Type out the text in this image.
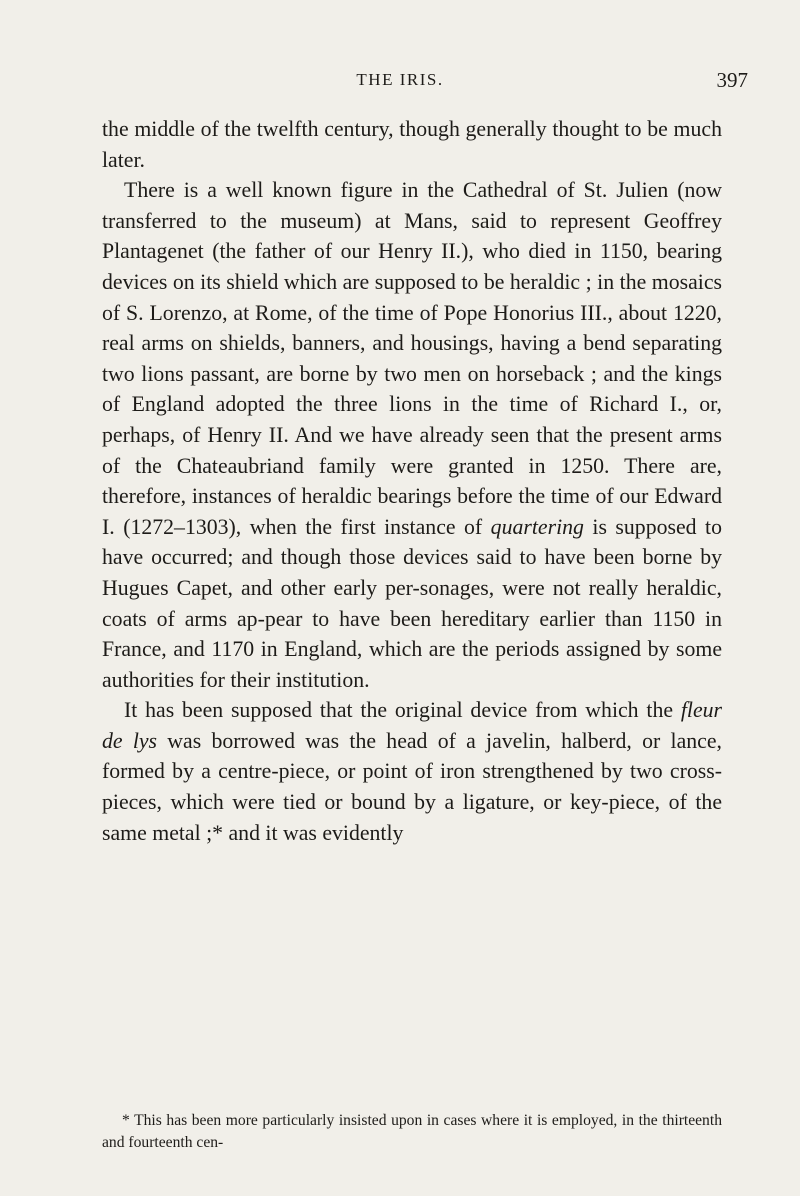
THE IRIS.	397

the middle of the twelfth century, though generally thought to be much later.

There is a well known figure in the Cathedral of St. Julien (now transferred to the museum) at Mans, said to represent Geoffrey Plantagenet (the father of our Henry II.), who died in 1150, bearing devices on its shield which are supposed to be heraldic ; in the mosaics of S. Lorenzo, at Rome, of the time of Pope Honorius III., about 1220, real arms on shields, banners, and housings, having a bend separating two lions passant, are borne by two men on horseback ; and the kings of England adopted the three lions in the time of Richard I., or, perhaps, of Henry II. And we have already seen that the present arms of the Chateaubriand family were granted in 1250. There are, therefore, instances of heraldic bearings before the time of our Edward I. (1272–1303), when the first instance of quartering is supposed to have occurred; and though those devices said to have been borne by Hugues Capet, and other early per-sonages, were not really heraldic, coats of arms ap-pear to have been hereditary earlier than 1150 in France, and 1170 in England, which are the periods assigned by some authorities for their institution.

It has been supposed that the original device from which the fleur de lys was borrowed was the head of a javelin, halberd, or lance, formed by a centre-piece, or point of iron strengthened by two cross-pieces, which were tied or bound by a ligature, or key-piece, of the same metal ;* and it was evidently

* This has been more particularly insisted upon in cases where it is employed, in the thirteenth and fourteenth cen-
